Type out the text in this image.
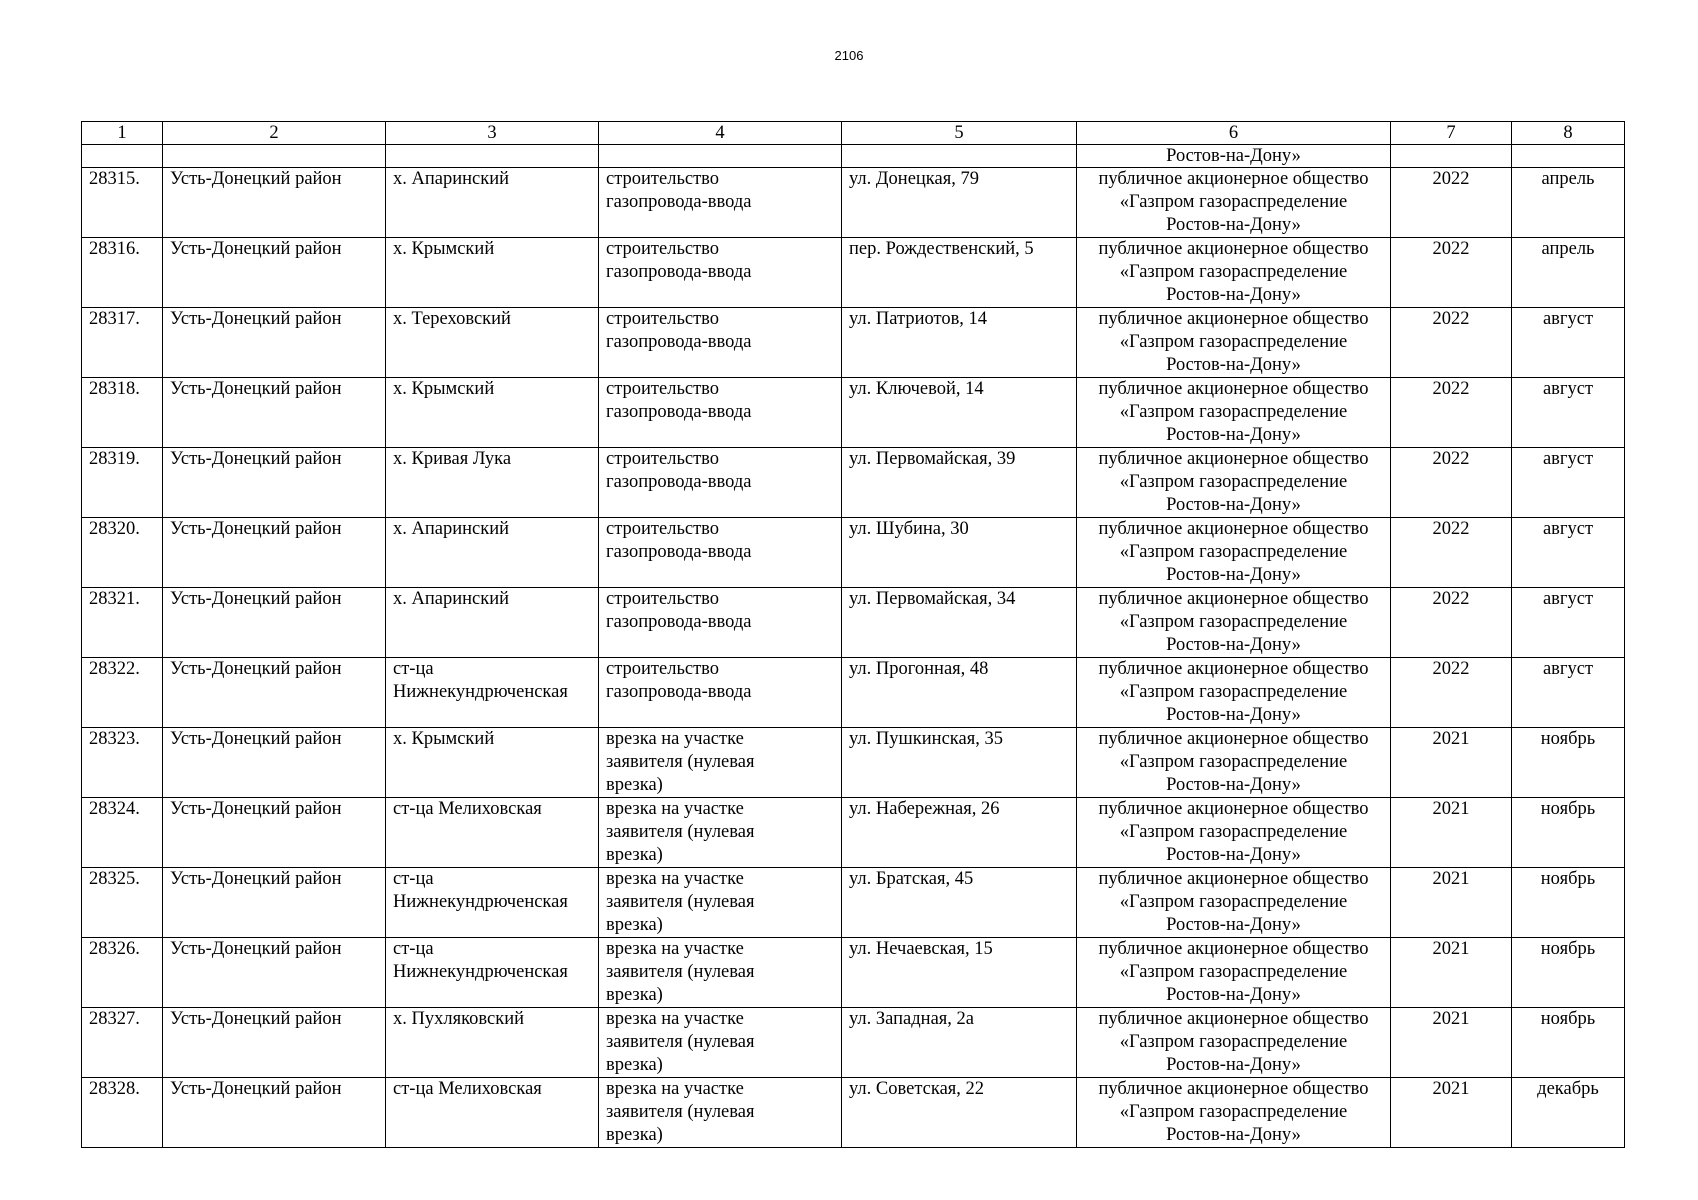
2106
1	2	3	4	5	6	7	8
					Ростов-на-Дону»		
28315.	Усть-Донецкий район	х. Апаринский	строительство
газопровода-ввода	ул. Донецкая, 79	публичное акционерное общество
«Газпром газораспределение
Ростов-на-Дону»	2022	апрель
28316.	Усть-Донецкий район	х. Крымский	строительство
газопровода-ввода	пер. Рождественский, 5	публичное акционерное общество
«Газпром газораспределение
Ростов-на-Дону»	2022	апрель
28317.	Усть-Донецкий район	х. Тереховский	строительство
газопровода-ввода	ул. Патриотов, 14	публичное акционерное общество
«Газпром газораспределение
Ростов-на-Дону»	2022	август
28318.	Усть-Донецкий район	х. Крымский	строительство
газопровода-ввода	ул. Ключевой, 14	публичное акционерное общество
«Газпром газораспределение
Ростов-на-Дону»	2022	август
28319.	Усть-Донецкий район	х. Кривая Лука	строительство
газопровода-ввода	ул. Первомайская, 39	публичное акционерное общество
«Газпром газораспределение
Ростов-на-Дону»	2022	август
28320.	Усть-Донецкий район	х. Апаринский	строительство
газопровода-ввода	ул. Шубина, 30	публичное акционерное общество
«Газпром газораспределение
Ростов-на-Дону»	2022	август
28321.	Усть-Донецкий район	х. Апаринский	строительство
газопровода-ввода	ул. Первомайская, 34	публичное акционерное общество
«Газпром газораспределение
Ростов-на-Дону»	2022	август
28322.	Усть-Донецкий район	ст-ца
Нижнекундрюченская	строительство
газопровода-ввода	ул. Прогонная, 48	публичное акционерное общество
«Газпром газораспределение
Ростов-на-Дону»	2022	август
28323.	Усть-Донецкий район	х. Крымский	врезка на участке
заявителя (нулевая
врезка)	ул. Пушкинская, 35	публичное акционерное общество
«Газпром газораспределение
Ростов-на-Дону»	2021	ноябрь
28324.	Усть-Донецкий район	ст-ца Мелиховская	врезка на участке
заявителя (нулевая
врезка)	ул. Набережная, 26	публичное акционерное общество
«Газпром газораспределение
Ростов-на-Дону»	2021	ноябрь
28325.	Усть-Донецкий район	ст-ца
Нижнекундрюченская	врезка на участке
заявителя (нулевая
врезка)	ул. Братская, 45	публичное акционерное общество
«Газпром газораспределение
Ростов-на-Дону»	2021	ноябрь
28326.	Усть-Донецкий район	ст-ца
Нижнекундрюченская	врезка на участке
заявителя (нулевая
врезка)	ул. Нечаевская, 15	публичное акционерное общество
«Газпром газораспределение
Ростов-на-Дону»	2021	ноябрь
28327.	Усть-Донецкий район	х. Пухляковский	врезка на участке
заявителя (нулевая
врезка)	ул. Западная, 2а	публичное акционерное общество
«Газпром газораспределение
Ростов-на-Дону»	2021	ноябрь
28328.	Усть-Донецкий район	ст-ца Мелиховская	врезка на участке
заявителя (нулевая
врезка)	ул. Советская, 22	публичное акционерное общество
«Газпром газораспределение
Ростов-на-Дону»	2021	декабрь
